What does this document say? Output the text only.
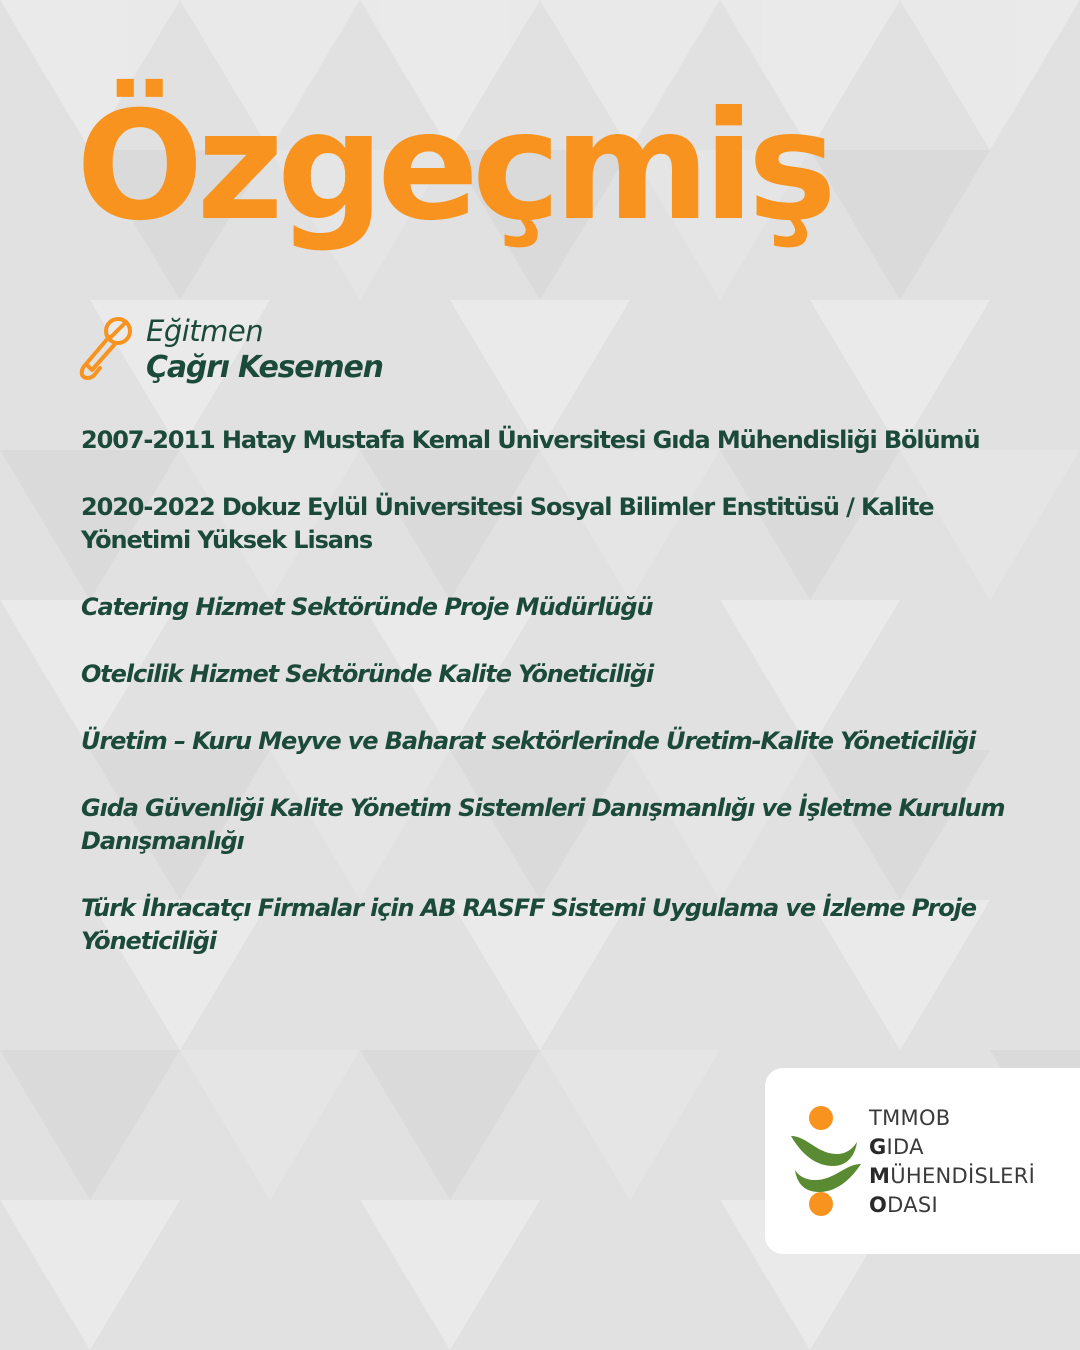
Özgeçmiş
Eğitmen
Çağrı Kesemen
2007-2011 Hatay Mustafa Kemal Üniversitesi Gıda Mühendisliği Bölümü
2020-2022 Dokuz Eylül Üniversitesi Sosyal Bilimler Enstitüsü / Kalite Yönetimi Yüksek Lisans
Catering Hizmet Sektöründe Proje Müdürlüğü
Otelcilik Hizmet Sektöründe Kalite Yöneticiliği
Üretim – Kuru Meyve ve Baharat sektörlerinde Üretim-Kalite Yöneticiliği
Gıda Güvenliği Kalite Yönetim Sistemleri Danışmanlığı ve İşletme Kurulum Danışmanlığı
Türk İhracatçı Firmalar için AB RASFF Sistemi Uygulama ve İzleme Proje Yöneticiliği
TMMOB
GIDA
MÜHENDİSLERİ
ODASI
